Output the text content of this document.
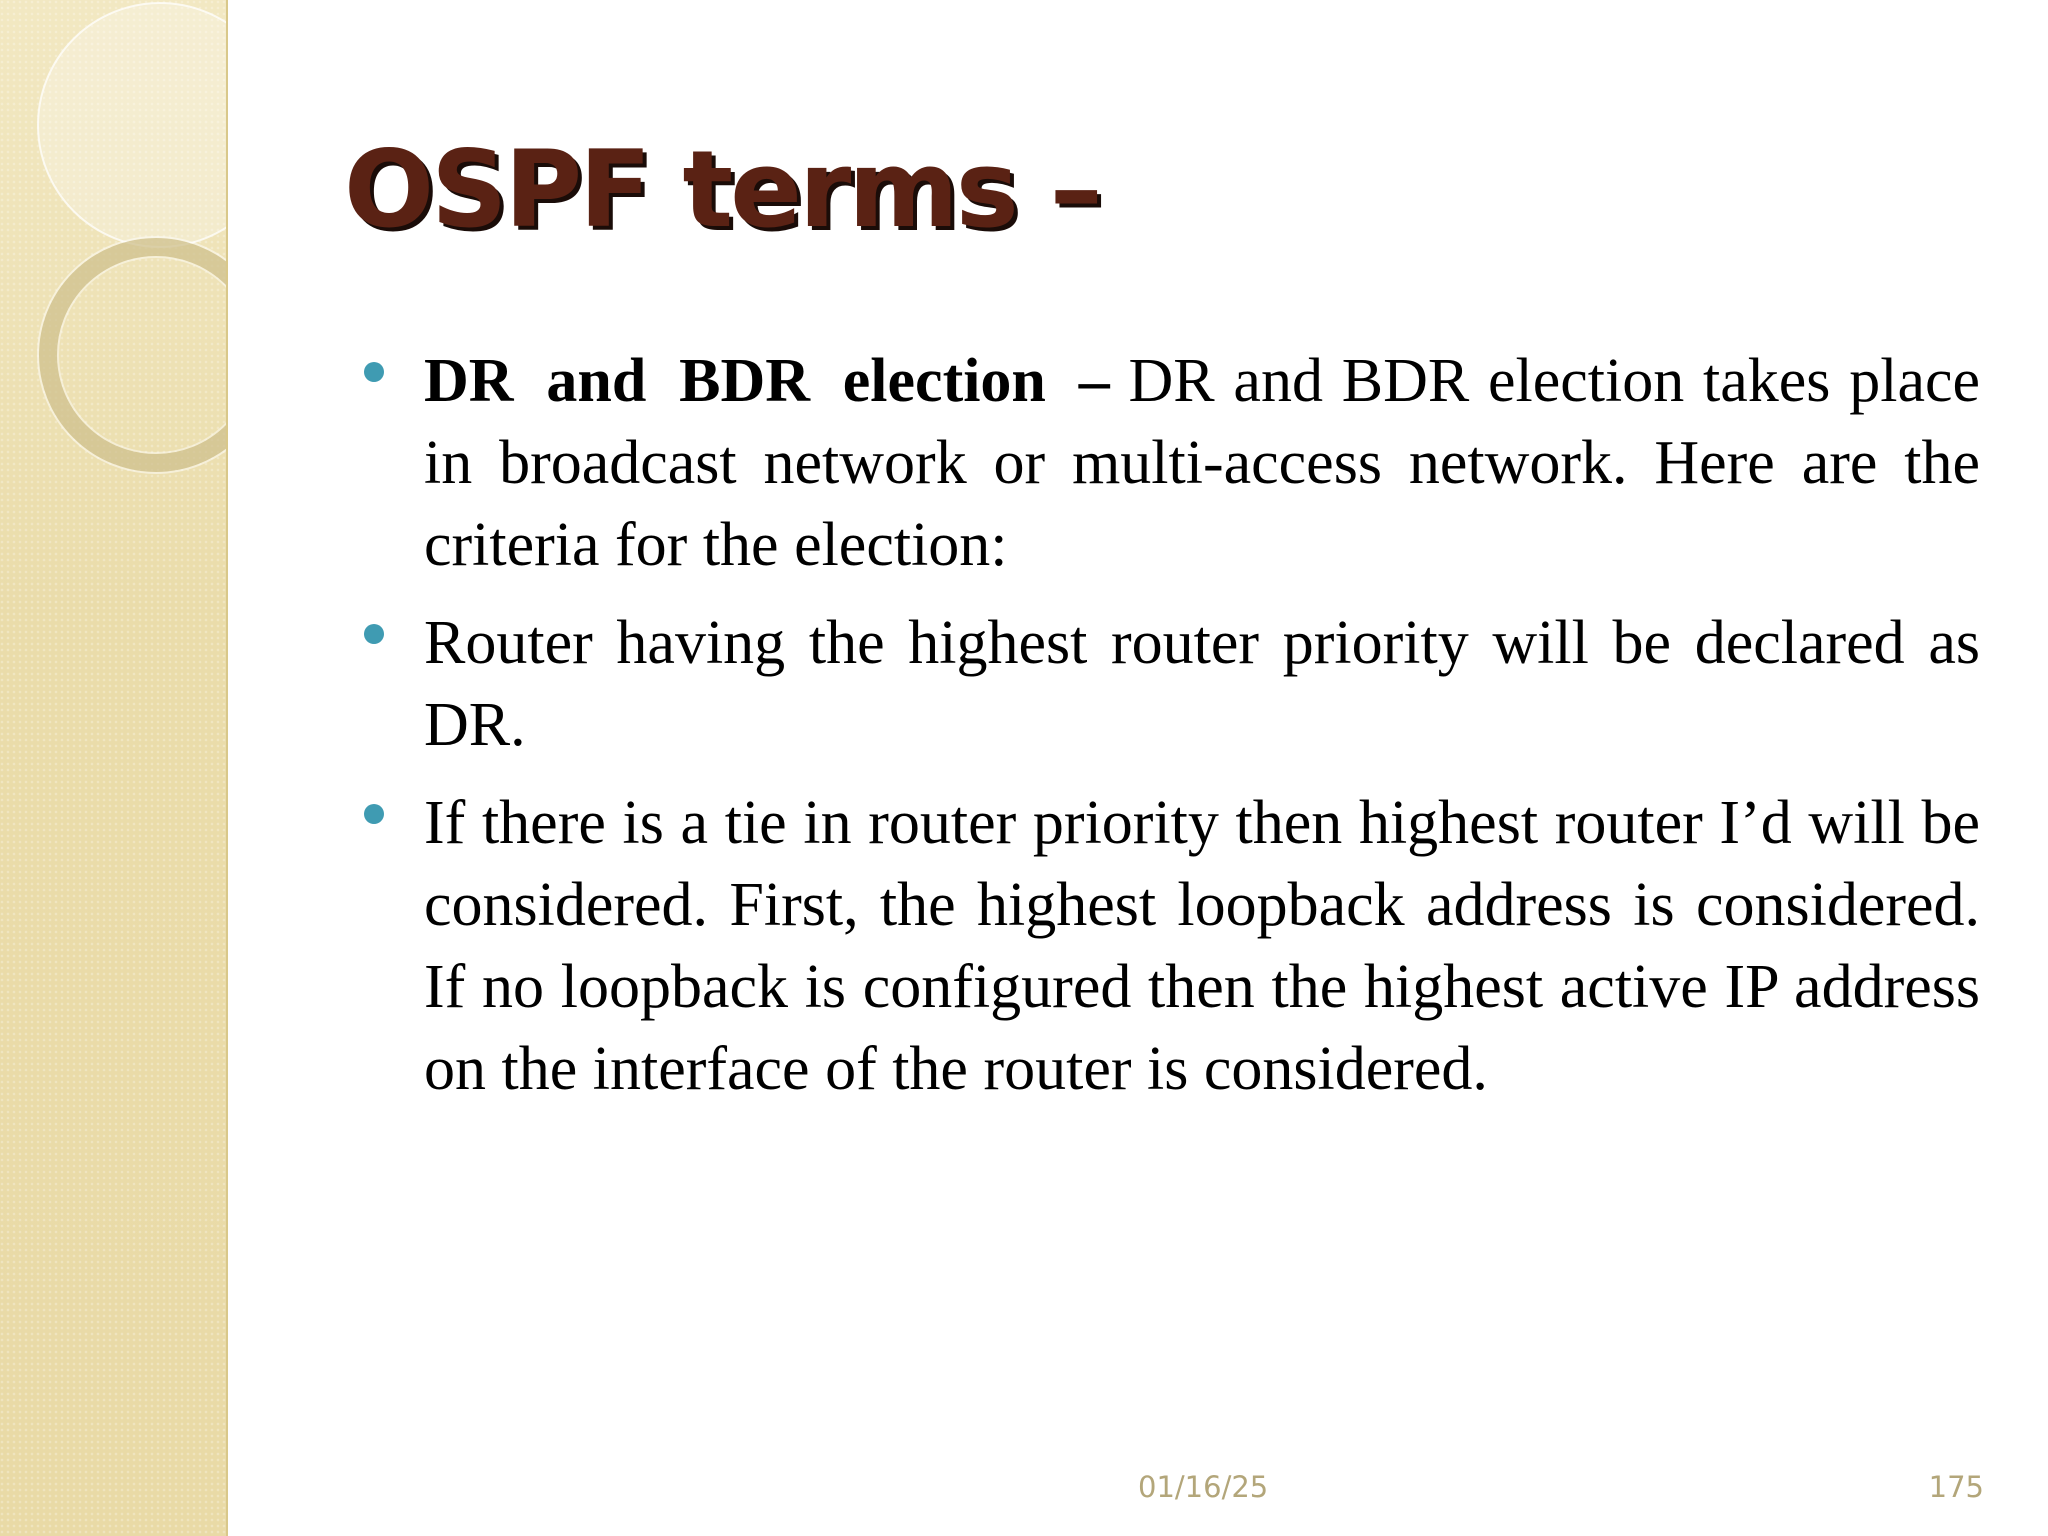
OSPF terms –
DR and BDR election – DR and BDR election takes place in broadcast network or multi-access network. Here are the criteria for the election:
Router having the highest router priority will be declared as DR.
If there is a tie in router priority then highest router I’d will be considered. First, the highest loopback address is considered. If no loopback is configured then the highest active IP address on the interface of the router is considered.
01/16/25	175
